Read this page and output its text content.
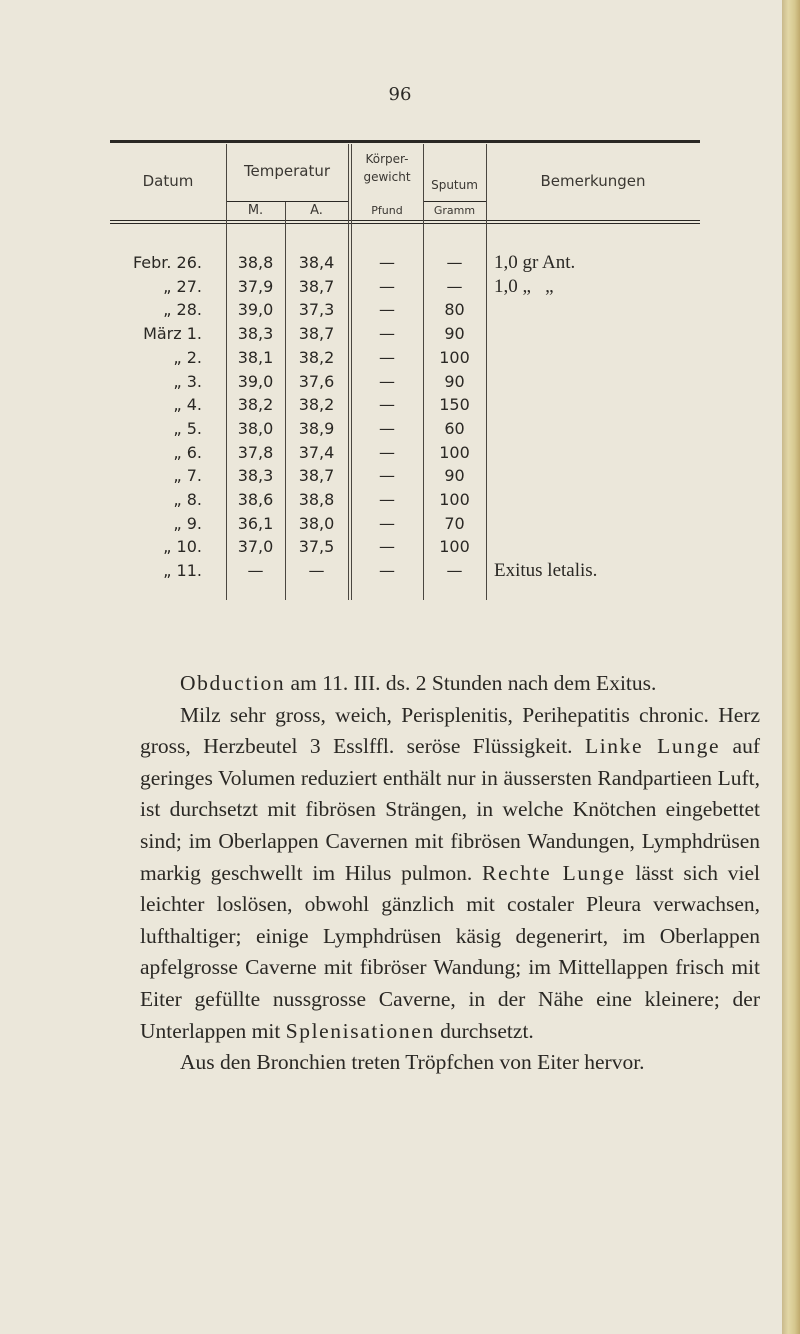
96
Datum
Temperatur
M.	A.
Körper-
gewicht
Pfund
Sputum
Gramm
Bemerkungen
Febr. 26.	38,8	38,4	—	—	1,0 gr Ant.
„ 27.	37,9	38,7	—	—	1,0 „   „
„ 28.	39,0	37,3	—	80
März 1.	38,3	38,7	—	90
„ 2.	38,1	38,2	—	100
„ 3.	39,0	37,6	—	90
„ 4.	38,2	38,2	—	150
„ 5.	38,0	38,9	—	60
„ 6.	37,8	37,4	—	100
„ 7.	38,3	38,7	—	90
„ 8.	38,6	38,8	—	100
„ 9.	36,1	38,0	—	70
„ 10.	37,0	37,5	—	100
„ 11.	—	—	—	—	Exitus letalis.

Obduction am 11. III. ds. 2 Stunden nach dem Exitus.

Milz sehr gross, weich, Perisplenitis, Perihepatitis chronic. Herz gross, Herzbeutel 3 Esslffl. seröse Flüssigkeit. Linke Lunge auf geringes Volumen reduziert enthält nur in äussersten Randpartieen Luft, ist durchsetzt mit fibrösen Strängen, in welche Knötchen eingebettet sind; im Oberlappen Cavernen mit fibrösen Wandungen, Lymphdrüsen markig geschwellt im Hilus pulmon. Rechte Lunge lässt sich viel leichter loslösen, obwohl gänzlich mit costaler Pleura verwachsen, lufthaltiger; einige Lymphdrüsen käsig degenerirt, im Oberlappen apfelgrosse Caverne mit fibröser Wandung; im Mittellappen frisch mit Eiter gefüllte nussgrosse Caverne, in der Nähe eine kleinere; der Unterlappen mit Splenisationen durchsetzt.

Aus den Bronchien treten Tröpfchen von Eiter hervor.
